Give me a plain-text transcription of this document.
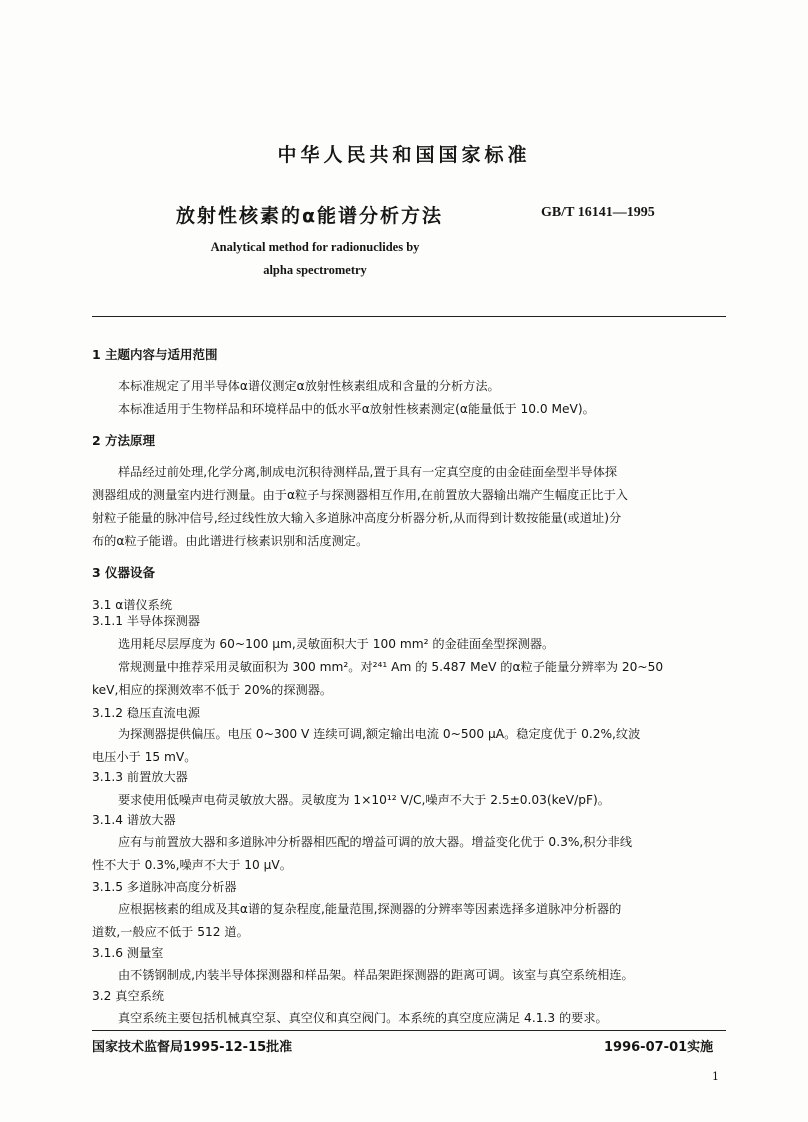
中华人民共和国国家标准
放射性核素的α能谱分析方法	GB/T 16141—1995
Analytical method for radionuclides by
alpha spectrometry
1 主题内容与适用范围
本标准规定了用半导体α谱仪测定α放射性核素组成和含量的分析方法。
本标准适用于生物样品和环境样品中的低水平α放射性核素测定(α能量低于 10.0 MeV)。
2 方法原理
样品经过前处理,化学分离,制成电沉积待测样品,置于具有一定真空度的由金硅面垒型半导体探
测器组成的测量室内进行测量。由于α粒子与探测器相互作用,在前置放大器输出端产生幅度正比于入
射粒子能量的脉冲信号,经过线性放大输入多道脉冲高度分析器分析,从而得到计数按能量(或道址)分
布的α粒子能谱。由此谱进行核素识别和活度测定。
3 仪器设备
3.1 α谱仪系统
3.1.1 半导体探测器
选用耗尽层厚度为 60~100 μm,灵敏面积大于 100 mm² 的金硅面垒型探测器。
常规测量中推荐采用灵敏面积为 300 mm²。对²⁴¹ Am 的 5.487 MeV 的α粒子能量分辨率为 20~50
keV,相应的探测效率不低于 20%的探测器。
3.1.2 稳压直流电源
为探测器提供偏压。电压 0~300 V 连续可调,额定输出电流 0~500 μA。稳定度优于 0.2%,纹波
电压小于 15 mV。
3.1.3 前置放大器
要求使用低噪声电荷灵敏放大器。灵敏度为 1×10¹² V/C,噪声不大于 2.5±0.03(keV/pF)。
3.1.4 谱放大器
应有与前置放大器和多道脉冲分析器相匹配的增益可调的放大器。增益变化优于 0.3%,积分非线
性不大于 0.3%,噪声不大于 10 μV。
3.1.5 多道脉冲高度分析器
应根据核素的组成及其α谱的复杂程度,能量范围,探测器的分辨率等因素选择多道脉冲分析器的
道数,一般应不低于 512 道。
3.1.6 测量室
由不锈钢制成,内装半导体探测器和样品架。样品架距探测器的距离可调。该室与真空系统相连。
3.2 真空系统
真空系统主要包括机械真空泵、真空仪和真空阀门。本系统的真空度应满足 4.1.3 的要求。
国家技术监督局1995-12-15批准	1996-07-01实施
1
